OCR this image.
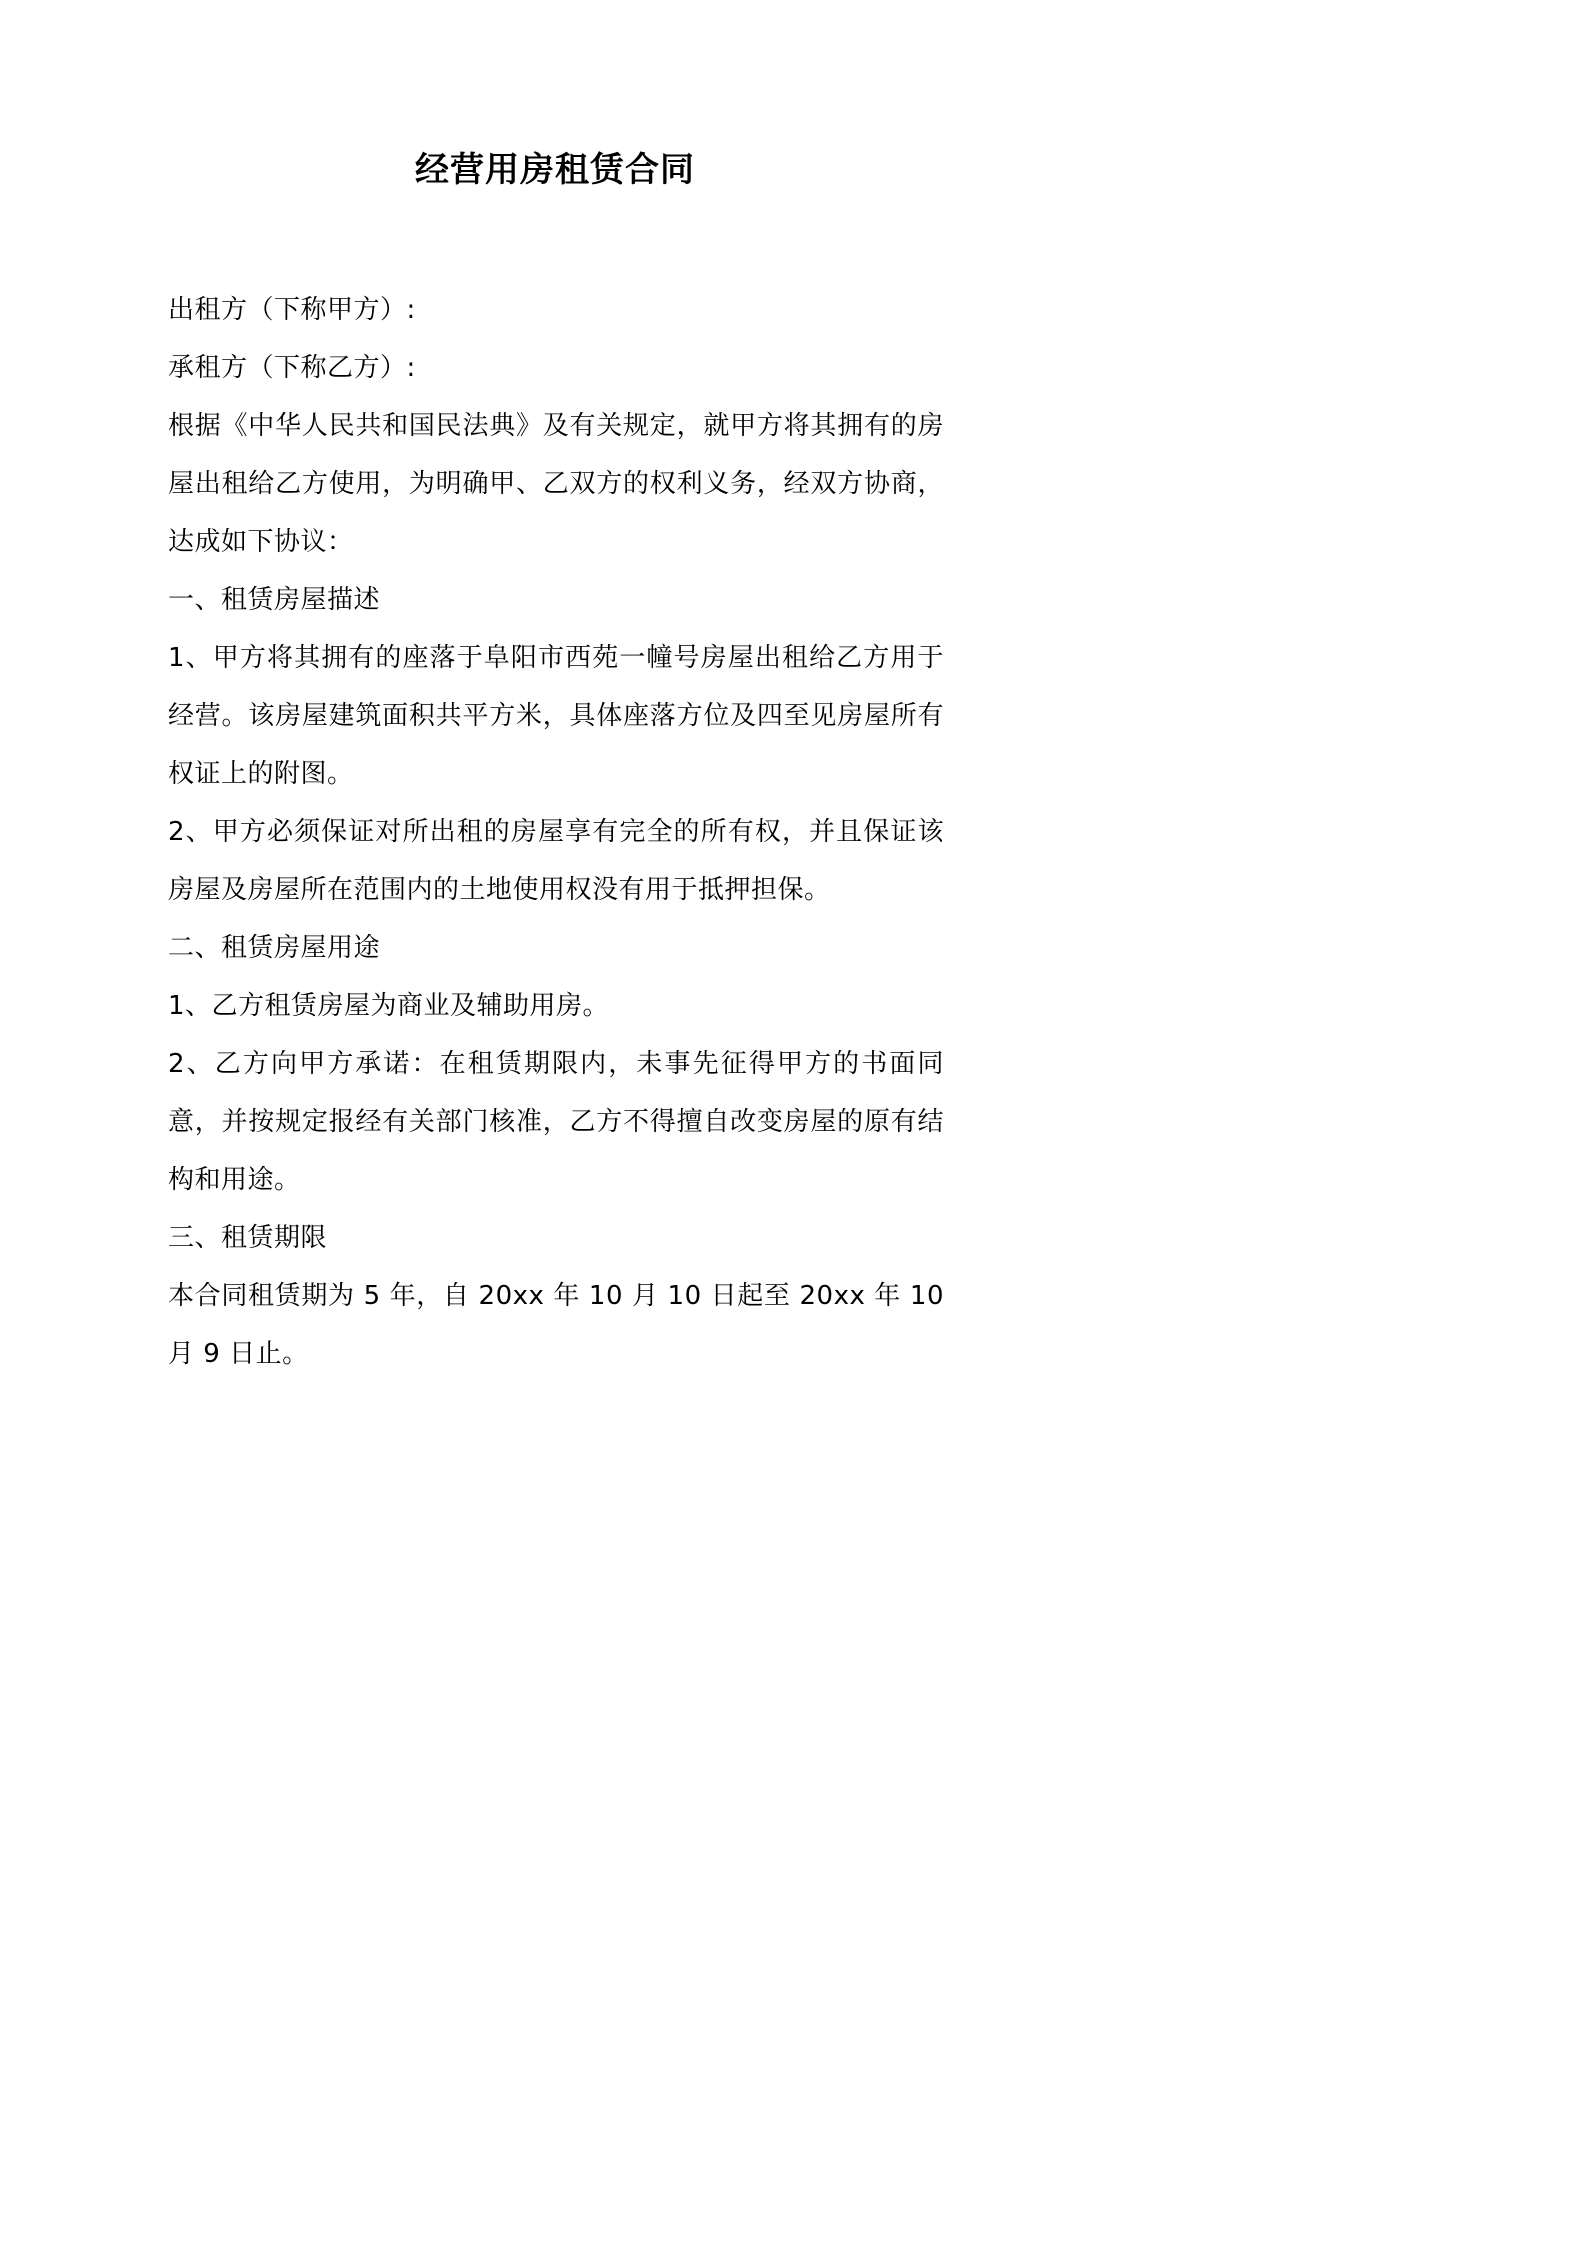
经营用房租赁合同

出租方（下称甲方）:

承租方（下称乙方）:

根据《中华人民共和国民法典》及有关规定，就甲方将其拥有的房屋出租给乙方使用，为明确甲、乙双方的权利义务，经双方协商，达成如下协议：

一、租赁房屋描述

1、甲方将其拥有的座落于阜阳市西苑一幢号房屋出租给乙方用于经营。该房屋建筑面积共平方米，具体座落方位及四至见房屋所有权证上的附图。

2、甲方必须保证对所出租的房屋享有完全的所有权，并且保证该房屋及房屋所在范围内的土地使用权没有用于抵押担保。

二、租赁房屋用途

1、乙方租赁房屋为商业及辅助用房。

2、乙方向甲方承诺：在租赁期限内，未事先征得甲方的书面同意，并按规定报经有关部门核准，乙方不得擅自改变房屋的原有结构和用途。

三、租赁期限

本合同租赁期为 5 年，自 20xx 年 10 月 10 日起至 20xx 年 10 月 9 日止。
